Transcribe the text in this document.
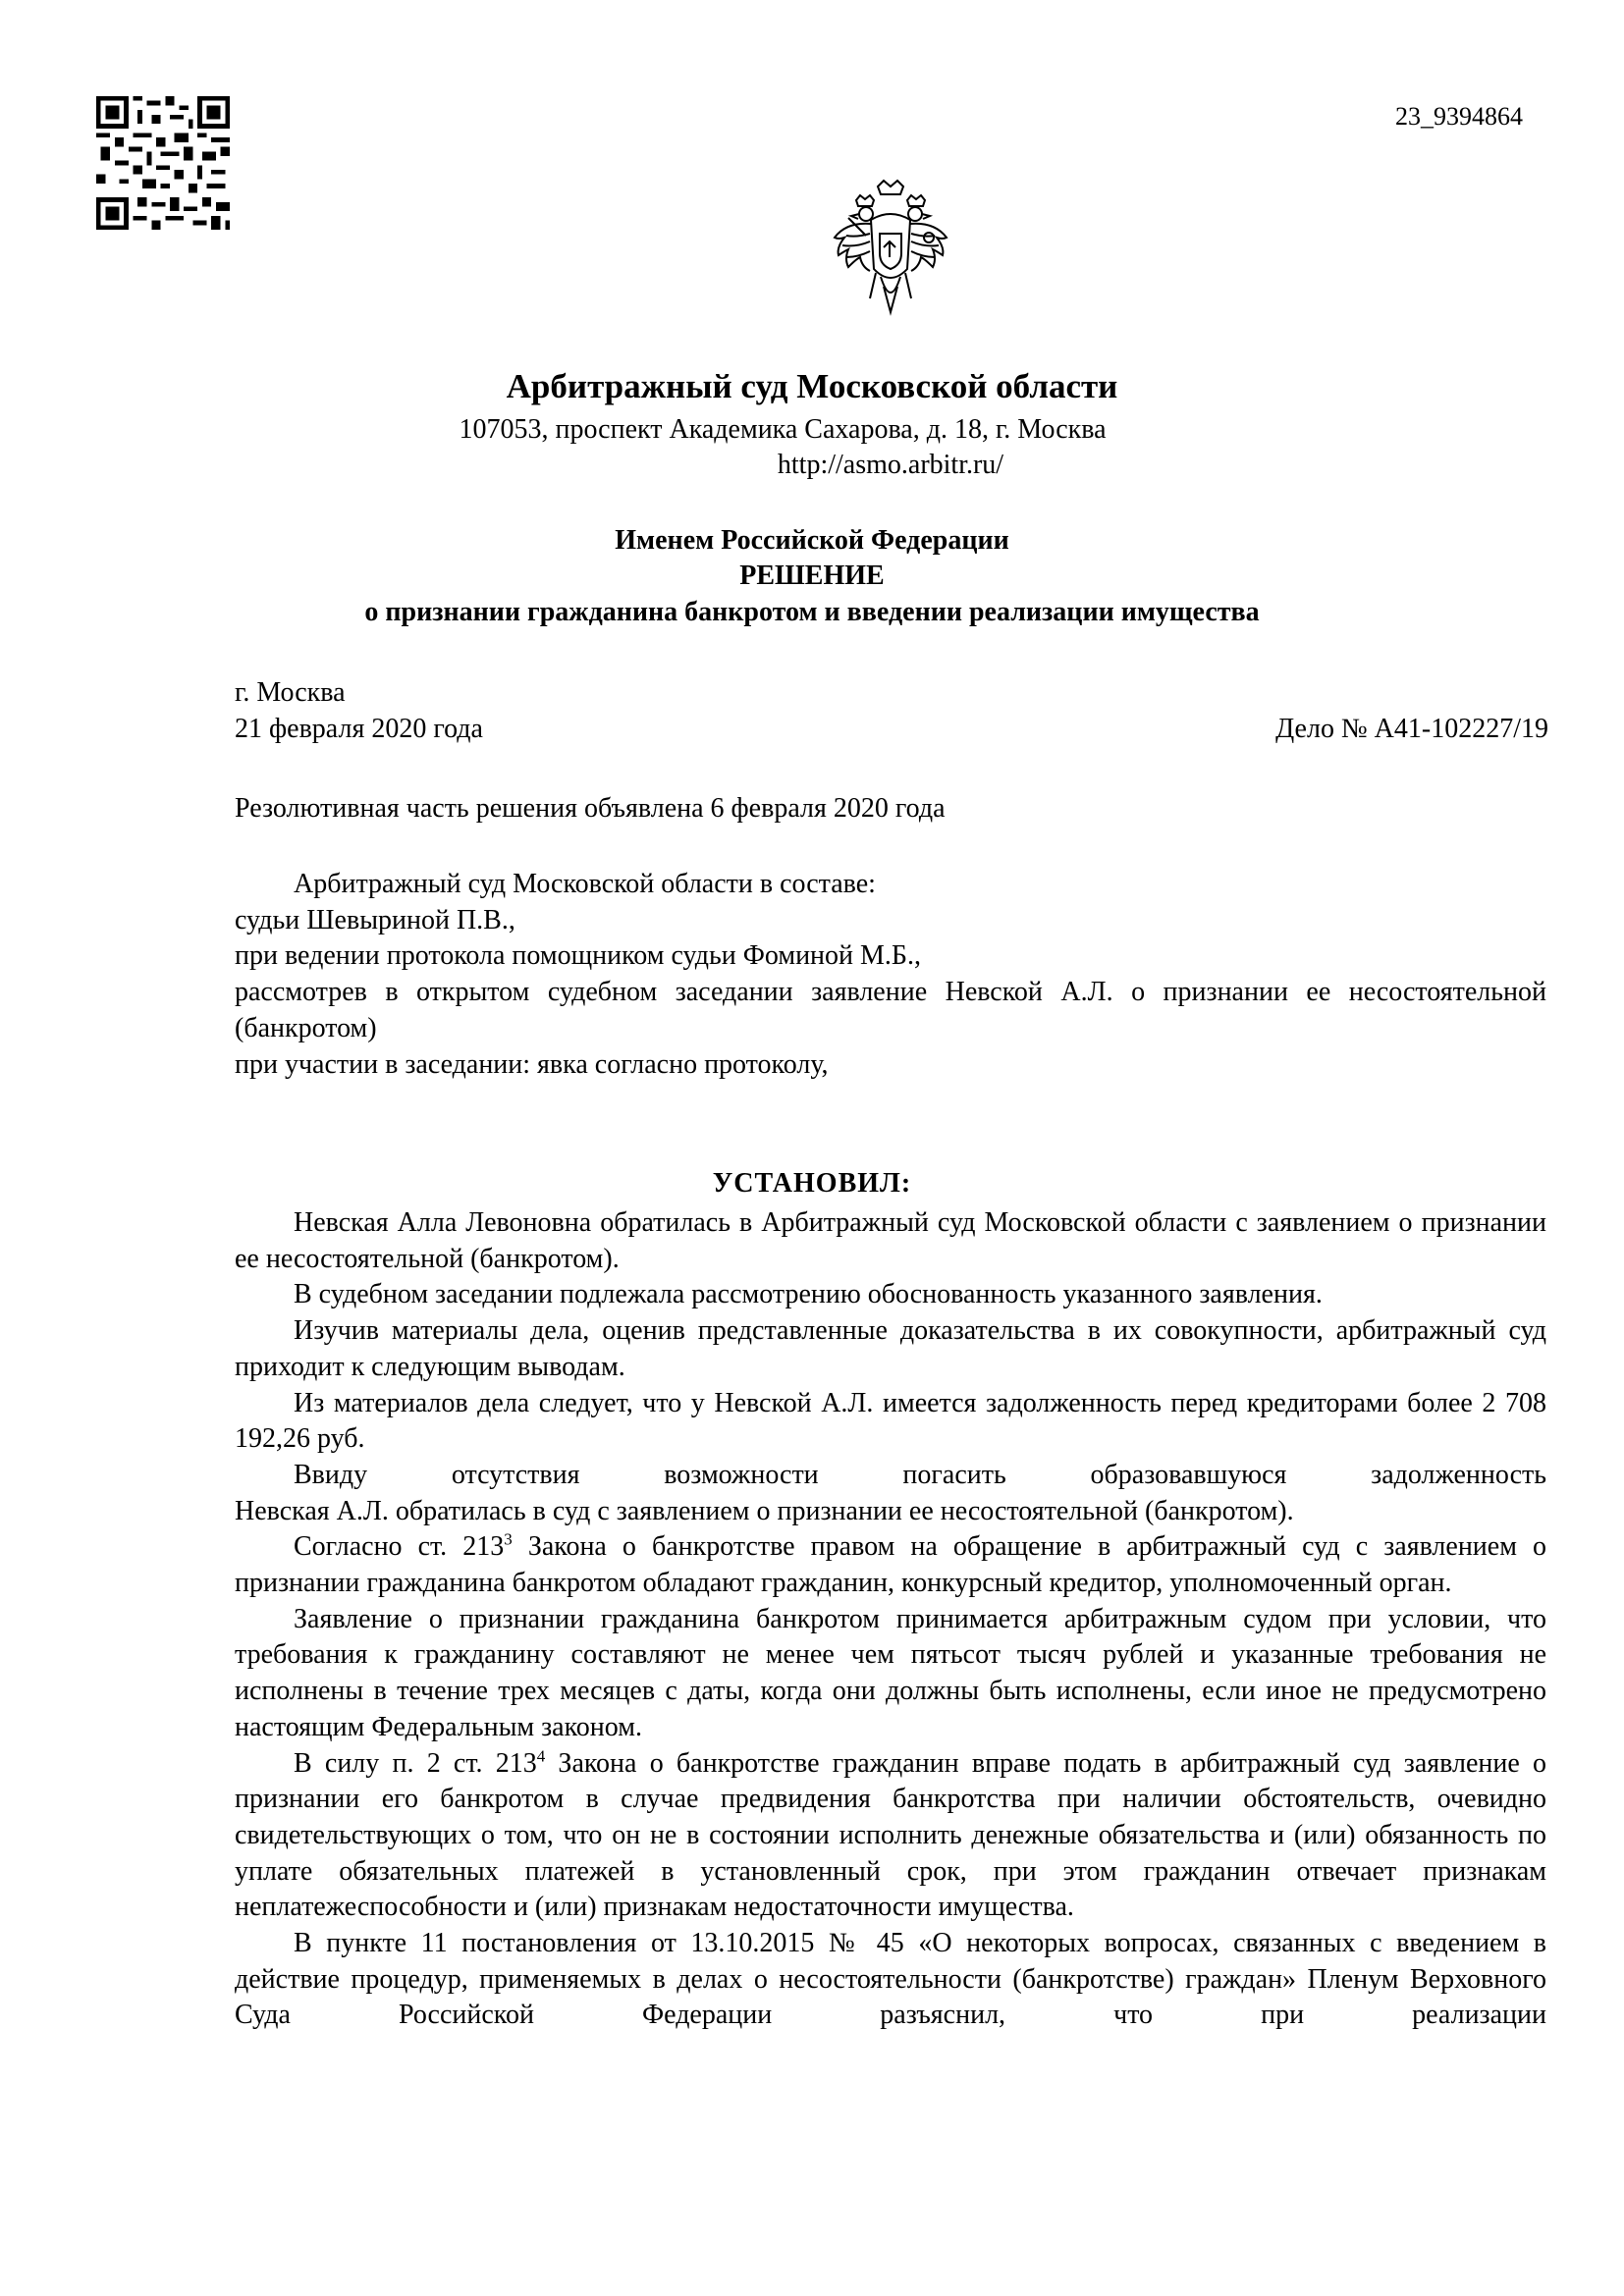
23_9394864
Арбитражный суд Московской области
107053, проспект Академика Сахарова, д. 18, г. Москва
http://asmo.arbitr.ru/
Именем Российской Федерации
РЕШЕНИЕ
о признании гражданина банкротом и введении реализации имущества
г. Москва
21 февраля 2020 года	Дело № А41-102227/19
Резолютивная часть решения объявлена 6 февраля 2020 года

Арбитражный суд Московской области в составе:

судьи Шевыриной П.В.,

при ведении протокола помощником судьи Фоминой М.Б.,

рассмотрев в открытом судебном заседании заявление Невской А.Л. о признании ее несостоятельной (банкротом)

при участии в заседании: явка согласно протоколу,

УСТАНОВИЛ:

Невская Алла Левоновна обратилась в Арбитражный суд Московской области с заявлением о признании ее несостоятельной (банкротом).

В судебном заседании подлежала рассмотрению обоснованность указанного заявления.

Изучив материалы дела, оценив представленные доказательства в их совокупности, арбитражный суд приходит к следующим выводам.

Из материалов дела следует, что у Невской А.Л. имеется задолженность перед кредиторами более 2 708 192,26 руб.

Ввиду отсутствия возможности погасить образовавшуюся задолженность

Невская А.Л. обратилась в суд с заявлением о признании ее несостоятельной (банкротом).

Согласно ст. $213^3$ Закона о банкротстве правом на обращение в арбитражный суд с заявлением о признании гражданина банкротом обладают гражданин, конкурсный кредитор, уполномоченный орган.

Заявление о признании гражданина банкротом принимается арбитражным судом при условии, что требования к гражданину составляют не менее чем пятьсот тысяч рублей и указанные требования не исполнены в течение трех месяцев с даты, когда они должны быть исполнены, если иное не предусмотрено настоящим Федеральным законом.

В силу п. 2 ст. $213^4$ Закона о банкротстве гражданин вправе подать в арбитражный суд заявление о признании его банкротом в случае предвидения банкротства при наличии обстоятельств, очевидно свидетельствующих о том, что он не в состоянии исполнить денежные обязательства и (или) обязанность по уплате обязательных платежей в установленный срок, при этом гражданин отвечает признакам неплатежеспособности и (или) признакам недостаточности имущества.

В пункте 11 постановления от 13.10.2015 № 45 «О некоторых вопросах, связанных с введением в действие процедур, применяемых в делах о несостоятельности (банкротстве) граждан» Пленум Верховного Суда Российской Федерации разъяснил, что при реализации
